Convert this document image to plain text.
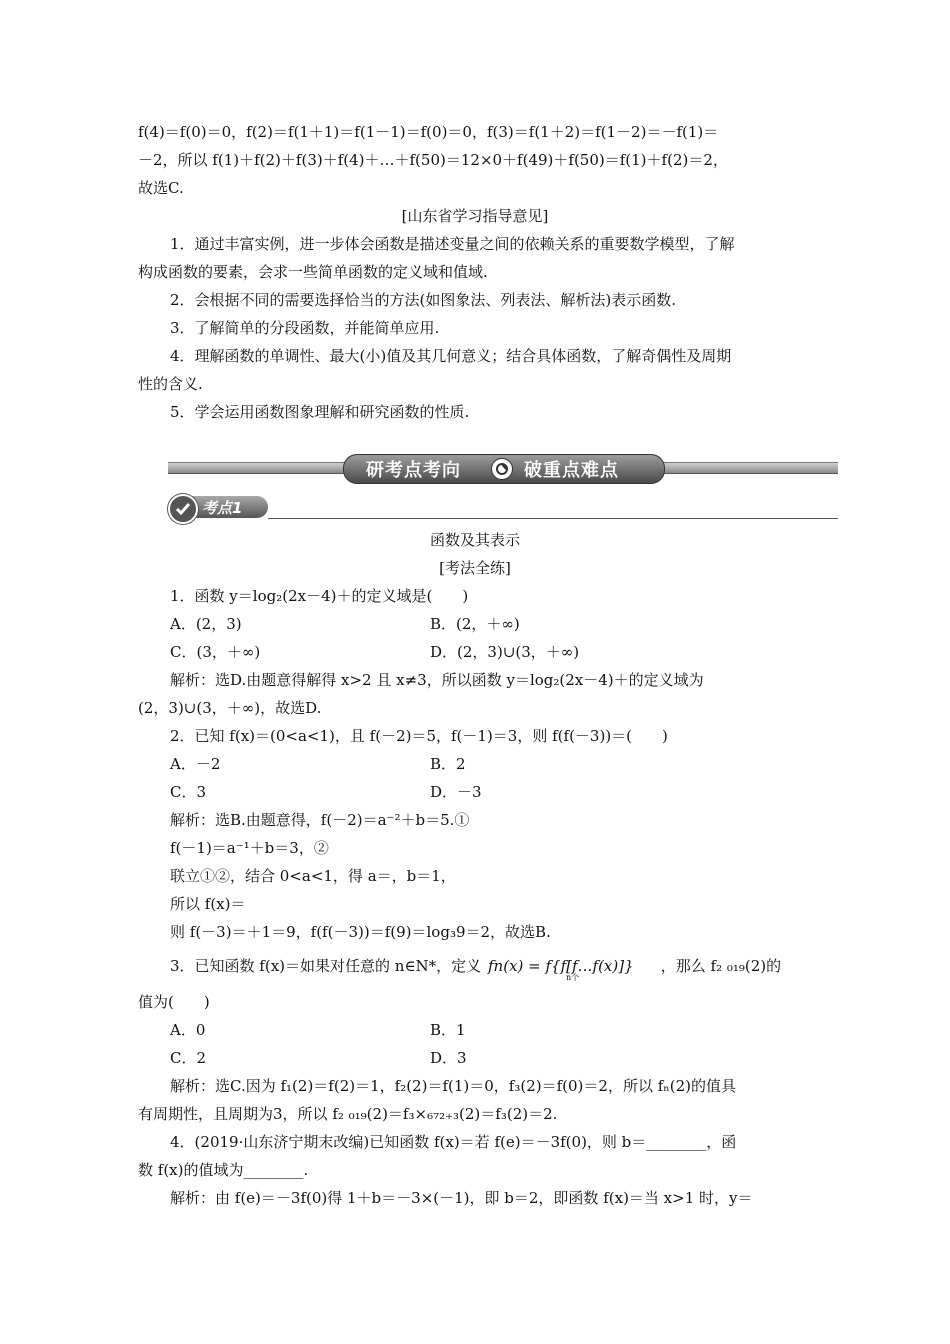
f(4)＝f(0)＝0，f(2)＝f(1＋1)＝f(1－1)＝f(0)＝0，f(3)＝f(1＋2)＝f(1－2)＝－f(1)＝
－2，所以 f(1)＋f(2)＋f(3)＋f(4)＋…＋f(50)＝12×0＋f(49)＋f(50)＝f(1)＋f(2)＝2，
故选C.
[山东省学习指导意见]
1．通过丰富实例，进一步体会函数是描述变量之间的依赖关系的重要数学模型，了解
构成函数的要素，会求一些简单函数的定义域和值域.
2．会根据不同的需要选择恰当的方法(如图象法、列表法、解析法)表示函数.
3．了解简单的分段函数，并能简单应用.
4．理解函数的单调性、最大(小)值及其几何意义；结合具体函数，了解奇偶性及周期
性的含义.
5．学会运用函数图象理解和研究函数的性质.
研考点考向	破重点难点
考点1
函数及其表示
[考法全练]
1．函数 y＝log₂(2x－4)＋的定义域是(　　)
A．(2，3)	B．(2，＋∞)
C．(3，＋∞)	D．(2，3)∪(3，＋∞)
解析：选D.由题意得解得 x>2 且 x≠3，所以函数 y＝log₂(2x－4)＋的定义域为
(2，3)∪(3，＋∞)，故选D.
2．已知 f(x)＝(0<a<1)，且 f(－2)＝5，f(－1)＝3，则 f(f(－3))＝(　　)
A．－2	B．2
C．3	D．－3
解析：选B.由题意得，f(－2)＝a⁻²＋b＝5.①
f(－1)＝a⁻¹＋b＝3，②
联立①②，结合 0<a<1，得 a＝，b＝1，
所以 f(x)＝
则 f(－3)＝＋1＝9，f(f(－3))＝f(9)＝log₃9＝2，故选B.
3．已知函数 f(x)＝如果对任意的 n∈N*，定义 fn(x) = f{f[f…f(x)]}
n个
，那么 f₂ ₀₁₉(2)的
值为(　　)
A．0	B．1
C．2	D．3
解析：选C.因为 f₁(2)＝f(2)＝1，f₂(2)＝f(1)＝0，f₃(2)＝f(0)＝2，所以 fₙ(2)的值具
有周期性，且周期为3，所以 f₂ ₀₁₉(2)＝f₃×₆₇₂₊₃(2)＝f₃(2)＝2.
4．(2019·山东济宁期末改编)已知函数 f(x)＝若 f(e)＝－3f(0)，则 b＝________，函
数 f(x)的值域为________.
解析：由 f(e)＝－3f(0)得 1＋b＝－3×(－1)，即 b＝2，即函数 f(x)＝当 x>1 时，y＝
